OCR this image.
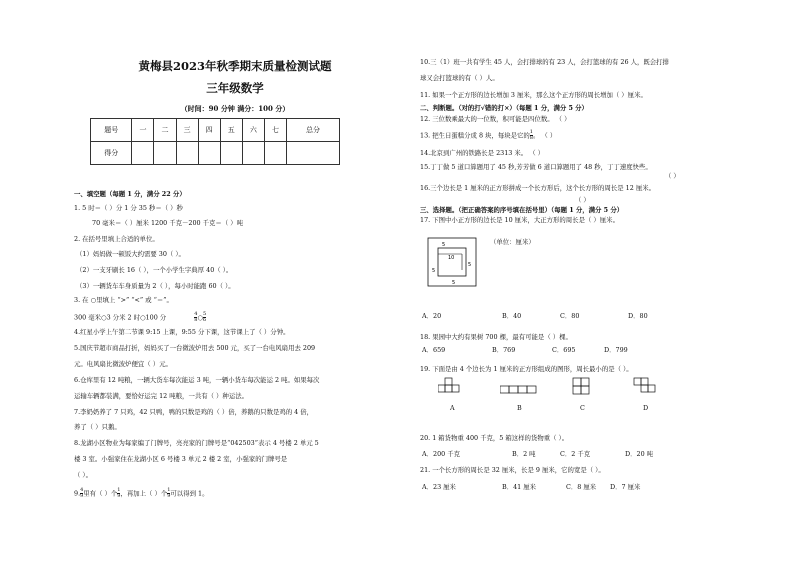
黄梅县2023年秋季期末质量检测试题
三年级数学
（时间：90 分钟 满分：100 分）
题号	一	二	三	四	五	六	七	总分
得分								
一、填空题（每题 1 分，满分 22 分）
1. 5 时＝（ ）分 1 分 35 秒＝（ ）秒
70 毫米＝（ ）厘米 1200 千克－200 千克＝（ ）吨
2. 在括号里填上合适的单位。
（1）妈妈做一顿饭大约需要 30（ ）。
（2）一支牙刷长 16（ ），一个小学生字典厚 40（ ）。
（3）一辆货车车身质量为 2（ ），每小时能跑 60（ ）。
3. 在 ○里填上 “>” “<” 或 “＝”。
300 毫米○3 分米 2 时○100 分	$\frac{4}{8}$ ○ $\frac{5}{6}$
4.红星小学上午第二节课 9:15 上课，9:55 分下课，这节课上了（ ）分钟。
5.国庆节超市商品打折，妈妈买了一台微波炉用去 500 元，买了一台电风扇用去 209
元。电风扇比微波炉便宜（ ）元。
6.仓库里有 12 吨粮，一辆大货车每次能运 3 吨，一辆小货车每次能运 2 吨。如果每次
运输车辆都装满，要恰好运完 12 吨粮，一共有（ ）种运法。
7.李奶奶养了 7 只鸡，42 只鸭，鸭的只数是鸡的（ ）倍，养鹅的只数是鸡的 4 倍，
养了（ ）只鹅。
8.龙湖小区物业为每家编了门牌号，亮亮家的门牌号是“042503”表示 4 号楼 2 单元 5
楼 3 室。小强家住在龙湖小区 6 号楼 3 单元 2 楼 2 室，小强家的门牌号是
（ ）。
9. $\frac{4}{9}$ 里有（ ）个 $\frac{1}{9}$ ，再加上（ ）个 $\frac{1}{9}$ 可以得到 1。
10.三（1）班一共有学生 45 人，会打排球的有 23 人，会打篮球的有 26 人，既会打排
球又会打篮球的有（ ）人。
11. 如果一个正方形的边长增加 3 厘米，那么这个正方形的周长增加（ ）厘米。
二、判断题。（对的打√错的打×）（每题 1 分，满分 5 分）
12. 三位数乘最大的一位数，积可能是四位数。 （ ）
13. 把生日蛋糕分成 8 块，每块是它的 $\frac{1}{8}$ 。 （ ）
14.北京到广州的铁路长是 2313 米。 （ ）
15.丁丁做 5 道口算题用了 45 秒,芳芳做 6 道口算题用了 48 秒，丁丁速度快些。
（ ）
16.三个边长是 1 厘米的正方形拼成一个长方形后，这个长方形的周长是 12 厘米。
（ ）
三、选择题。（把正确答案的序号填在括号里）（每题 1 分，满分 5 分）
17. 下图中小正方形的边长是 10 厘米，大正方形的周长是（ ）厘米。
5
10
5
5
5
（单位：厘米）
A．20	B．40	C．80	D．80
18. 果园中大约有果树 700 棵，最有可能是（ ）棵。
A．659	B．769	C．695	D．799
19. 下面是由 4 个边长为 1 厘米的正方形组成的图形，周长最小的是（ ）。
A	B	C	D
20. 1 箱货物重 400 千克，5 箱这样的货物重（ ）。
A．200 千克	B．2 吨	C．2 千克	D．20 吨
21. 一个长方形的周长是 32 厘米，长是 9 厘米，它的宽是（ ）。
A．23 厘米	B．41 厘米	C．8 厘米 D．7 厘米
